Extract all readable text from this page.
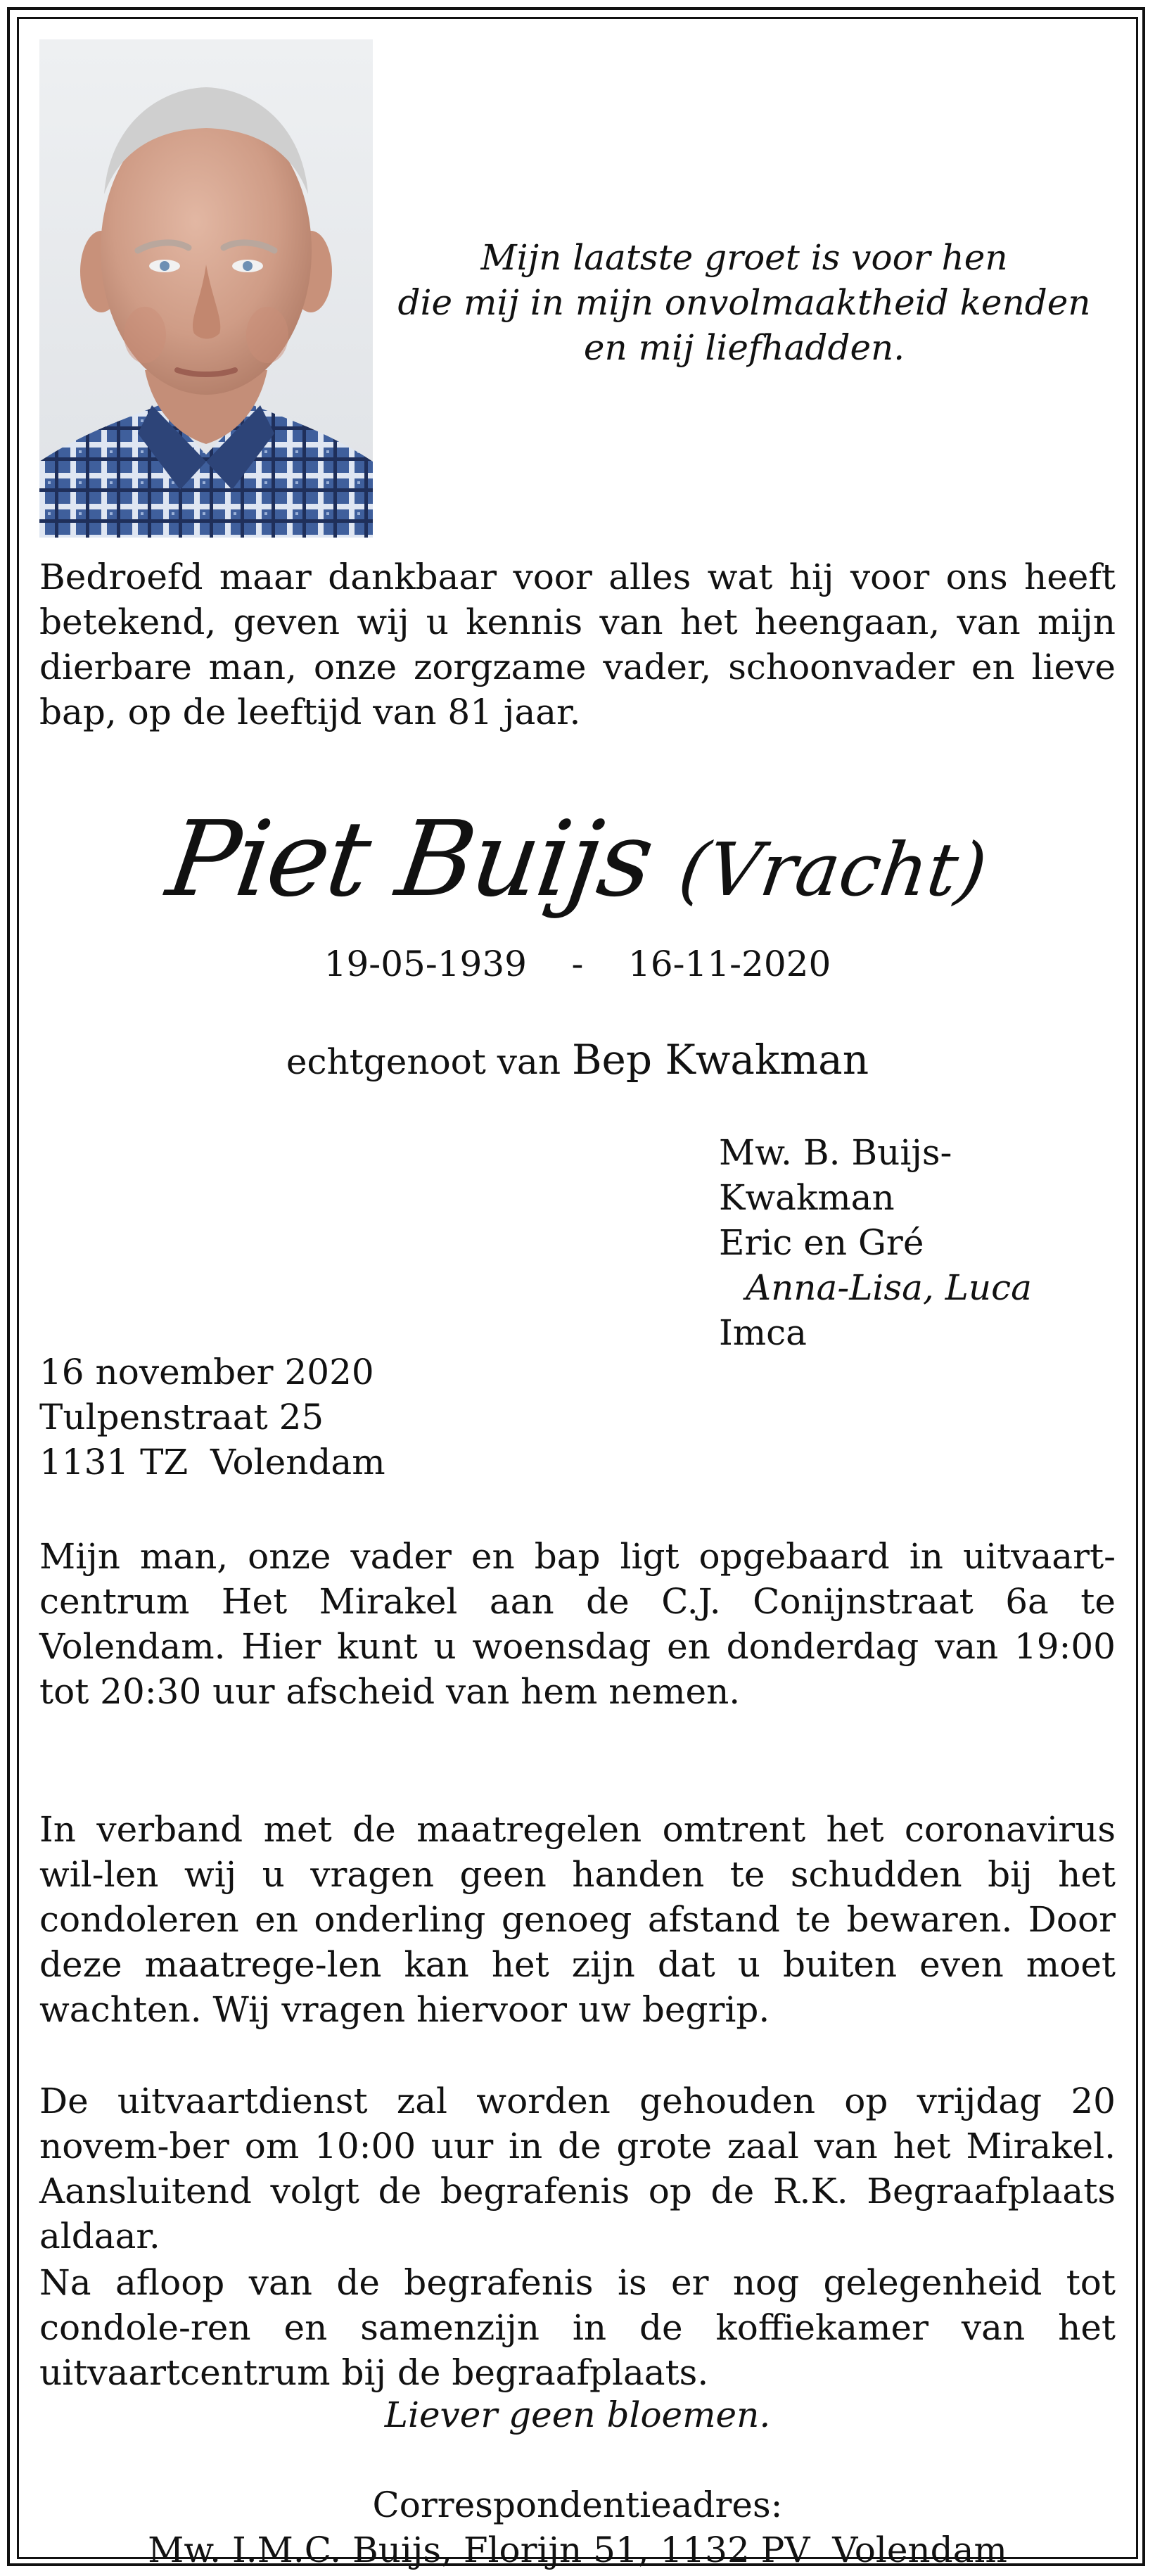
Mijn laatste groet is voor hen
die mij in mijn onvolmaaktheid kenden
en mij liefhadden.
Bedroefd maar dankbaar voor alles wat hij voor ons heeft betekend, geven wij u kennis van het heengaan, van mijn dierbare man, onze zorgzame vader, schoonvader en lieve bap, op de leeftijd van 81 jaar.
Piet Buijs (Vracht)
19-05-1939    -    16-11-2020
echtgenoot van Bep Kwakman
Mw. B. Buijs-Kwakman
Eric en Gré
Anna-Lisa, Luca
Imca
16 november 2020
Tulpenstraat 25
1131 TZ  Volendam
Mijn man, onze vader en bap ligt opgebaard in uitvaart-centrum Het Mirakel aan de C.J. Conijnstraat 6a te Volendam. Hier kunt u woensdag en donderdag van 19:00 tot 20:30 uur afscheid van hem nemen.
In verband met de maatregelen omtrent het coronavirus wil-len wij u vragen geen handen te schudden bij het condoleren en onderling genoeg afstand te bewaren. Door deze maatrege-len kan het zijn dat u buiten even moet wachten. Wij vragen hiervoor uw begrip.
De uitvaartdienst zal worden gehouden op vrijdag 20 novem-ber om 10:00 uur in de grote zaal van het Mirakel. Aansluitend volgt de begrafenis op de R.K. Begraafplaats aldaar.
Na afloop van de begrafenis is er nog gelegenheid tot condole-ren en samenzijn in de koffiekamer van het uitvaartcentrum bij de begraafplaats.
Liever geen bloemen.
Correspondentieadres:
Mw. I.M.C. Buijs, Florijn 51, 1132 PV  Volendam
